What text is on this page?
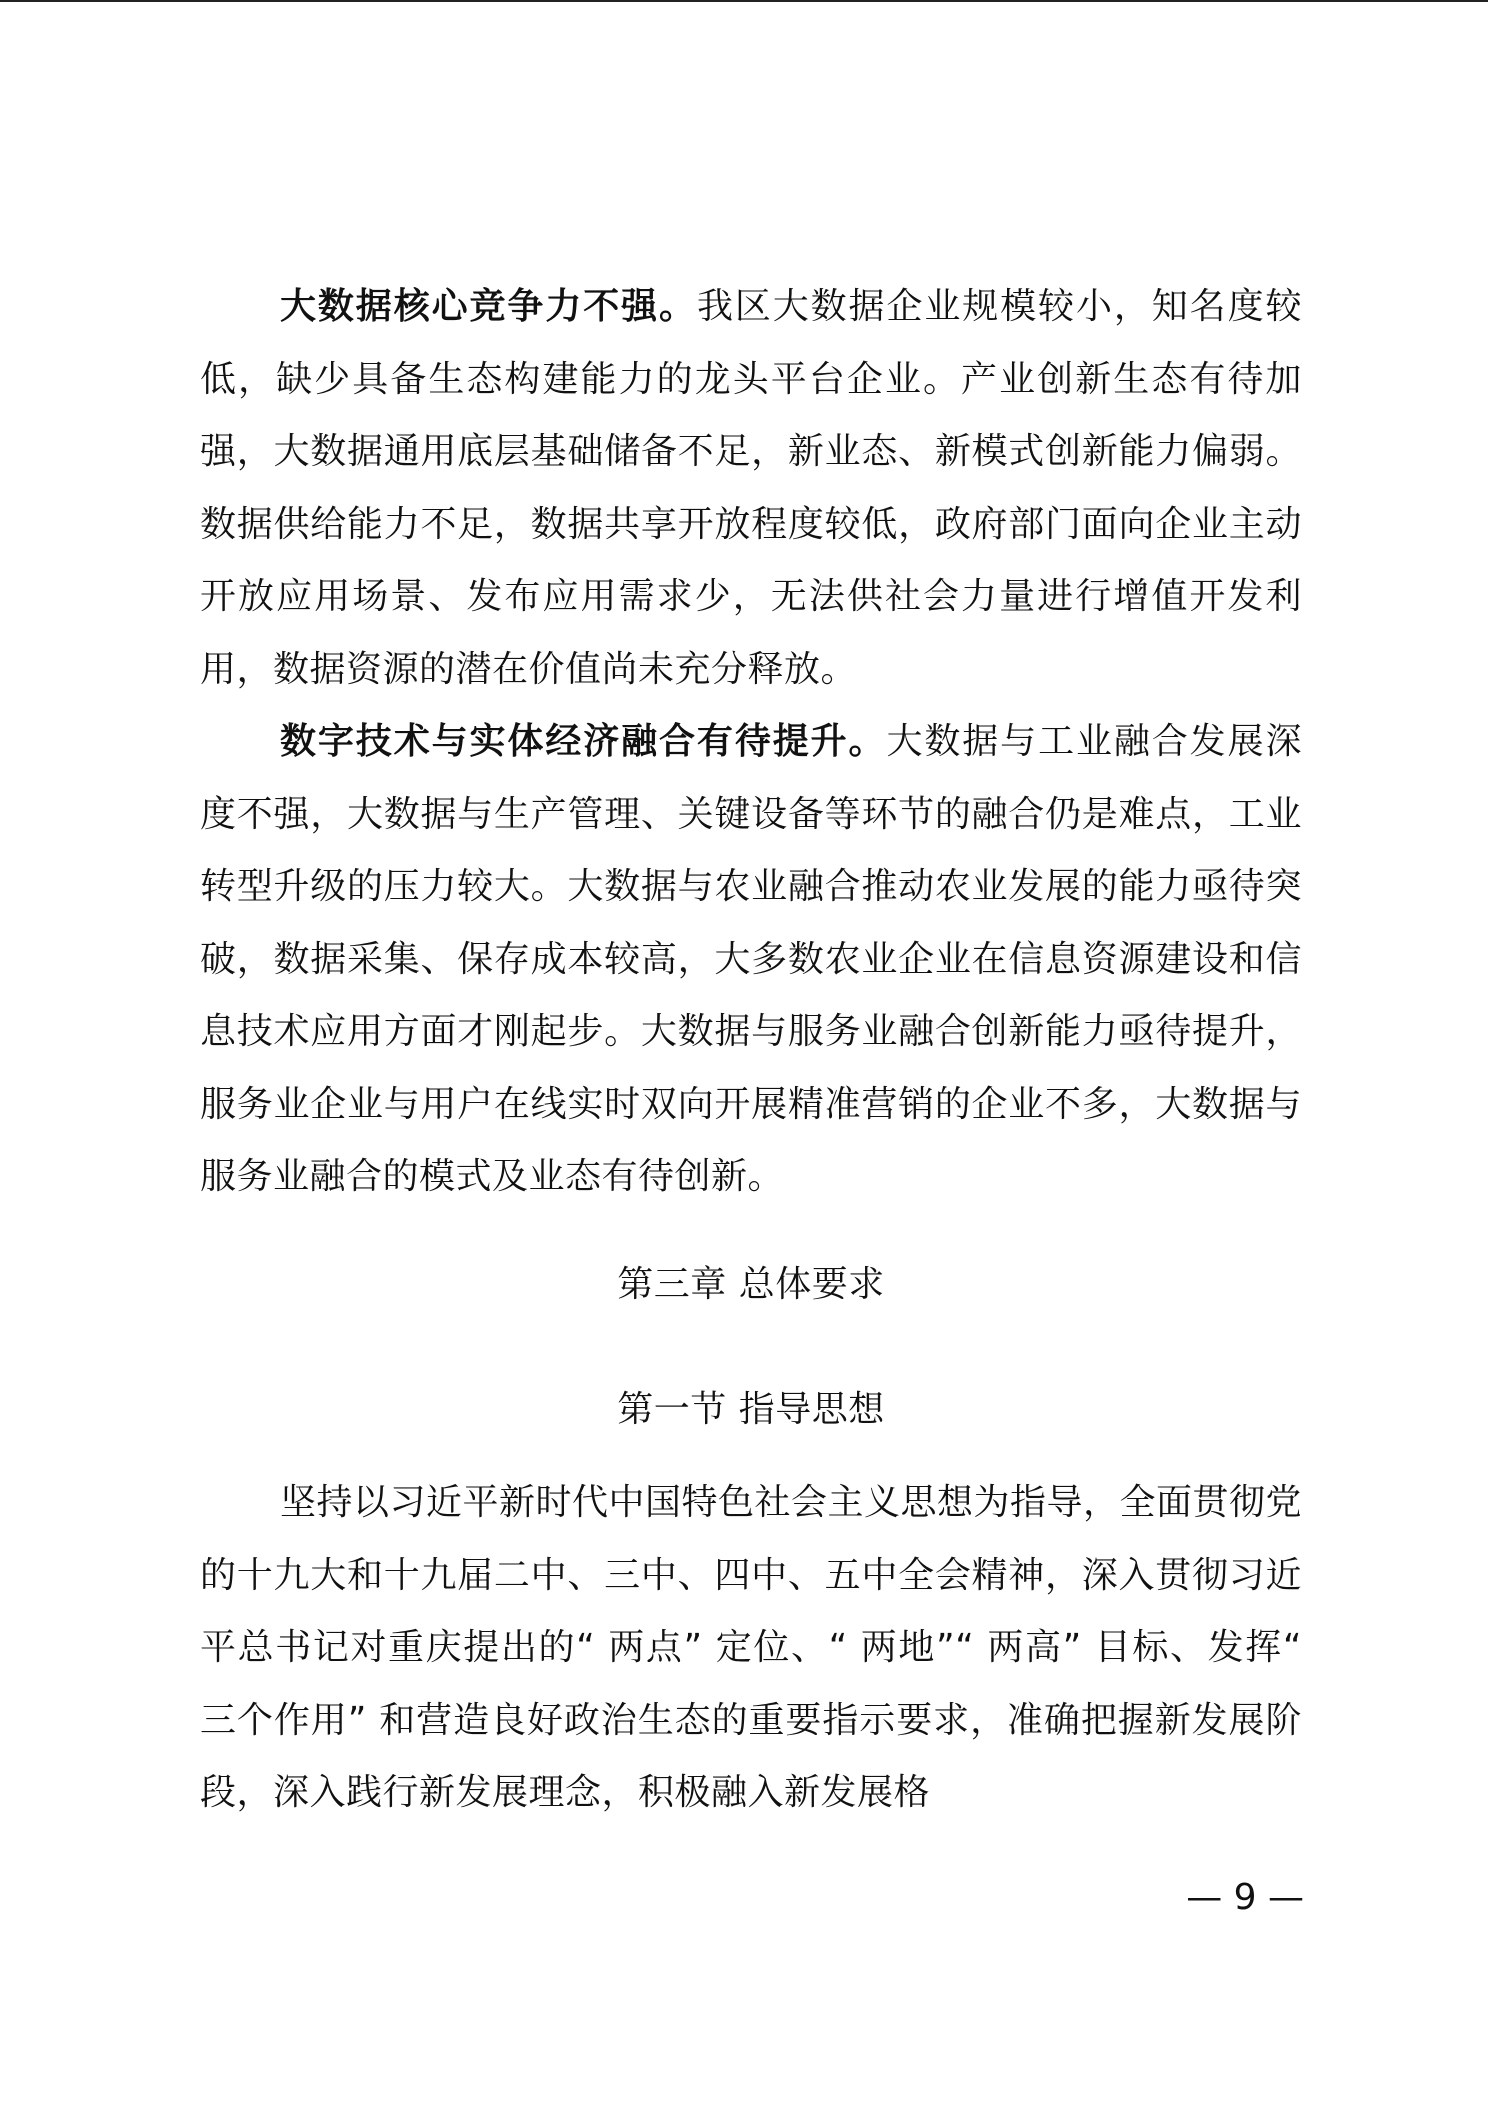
大数据核心竞争力不强。我区大数据企业规模较小，知名度较低，缺少具备生态构建能力的龙头平台企业。产业创新生态有待加强，大数据通用底层基础储备不足，新业态、新模式创新能力偏弱。数据供给能力不足，数据共享开放程度较低，政府部门面向企业主动开放应用场景、发布应用需求少，无法供社会力量进行增值开发利用，数据资源的潜在价值尚未充分释放。

数字技术与实体经济融合有待提升。大数据与工业融合发展深度不强，大数据与生产管理、关键设备等环节的融合仍是难点，工业转型升级的压力较大。大数据与农业融合推动农业发展的能力亟待突破，数据采集、保存成本较高，大多数农业企业在信息资源建设和信息技术应用方面才刚起步。大数据与服务业融合创新能力亟待提升，服务业企业与用户在线实时双向开展精准营销的企业不多，大数据与服务业融合的模式及业态有待创新。

第三章 总体要求
第一节 指导思想

坚持以习近平新时代中国特色社会主义思想为指导，全面贯彻党的十九大和十九届二中、三中、四中、五中全会精神，深入贯彻习近平总书记对重庆提出的“ 两点” 定位、“ 两地”“ 两高” 目标、发挥“ 三个作用” 和营造良好政治生态的重要指示要求，准确把握新发展阶段，深入践行新发展理念，积极融入新发展格

— 9 —
